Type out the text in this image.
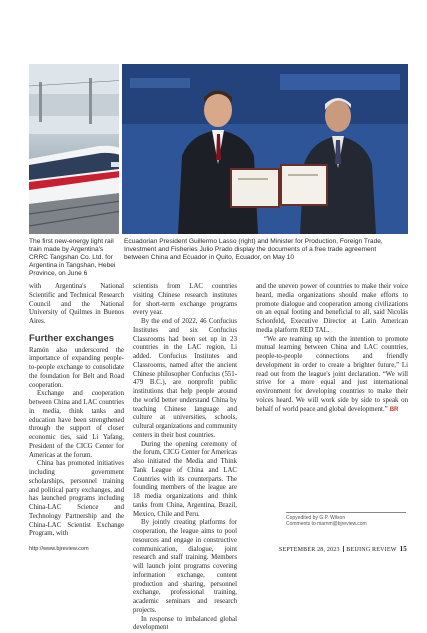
The first new-energy light rail train made by Argentina's CRRC Tangshan Co. Ltd. for Argentina in Tangshan, Hebei Province, on June 6
Ecuadorian President Guillermo Lasso (right) and Minister for Production, Foreign Trade, Investment and Fisheries Julio Prado display the documents of a free trade agreement between China and Ecuador in Quito, Ecuador, on May 10

with Argentina's National Scientific and Technical Research Council and the National University of Quilmes in Buenos Aires.

Further exchanges

Ramón also underscored the importance of expanding people-to-people exchange to consolidate the foundation for Belt and Road cooperation.

Exchange and cooperation between China and LAC countries in media, think tanks and education have been strengthened through the support of closer economic ties, said Li Yafang, President of the CICG Center for Americas at the forum.

China has promoted initiatives including government scholarships, personnel training and political party exchanges, and has launched programs including China-LAC Science and Technology Partnership and the China-LAC Scientist Exchange Program, with

scientists from LAC countries visiting Chinese research institutes for short-term exchange programs every year.

By the end of 2022, 46 Confucius Institutes and six Confucius Classrooms had been set up in 23 countries in the LAC region, Li added. Confucius Institutes and Classrooms, named after the ancient Chinese philosopher Confucius (551-479 B.C.), are nonprofit public institutions that help people around the world better understand China by teaching Chinese language and culture at universities, schools, cultural organizations and community centers in their host countries.

During the opening ceremony of the forum, CICG Center for Americas also initiated the Media and Think Tank League of China and LAC Countries with its counterparts. The founding members of the league are 18 media organizations and think tanks from China, Argentina, Brazil, Mexico, Chile and Peru.

By jointly creating platforms for cooperation, the league aims to pool resources and engage in constructive communication, dialogue, joint research and staff training. Members will launch joint programs covering information exchange, content production and sharing, personnel exchange, professional training, academic seminars and research projects.

In response to imbalanced global development

and the uneven power of countries to make their voice heard, media organizations should make efforts to promote dialogue and cooperation among civilizations on an equal footing and beneficial to all, said Nicolás Schonfeld, Executive Director at Latin American media platform RED TAL.

“We are teaming up with the intention to promote mutual learning between China and LAC countries, people-to-people connections and friendly development in order to create a brighter future,” Li read out from the league's joint declaration. “We will strive for a more equal and just international environment for developing countries to make their voices heard. We will work side by side to speak on behalf of world peace and global development.” BR

Copyedited by G.P. Wilson
Comments to marnm@bjreview.com
http://www.bjreview.com	SEPTEMBER 28, 2023 BEIJING REVIEW 15
